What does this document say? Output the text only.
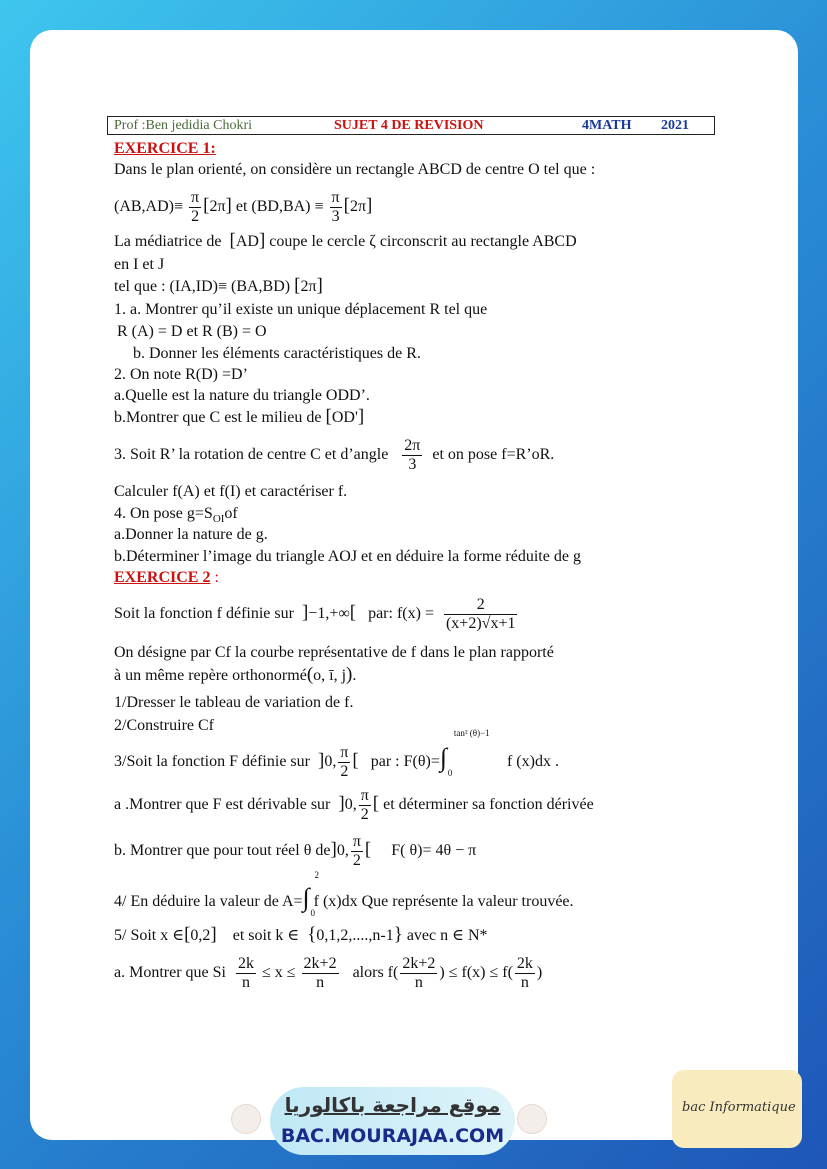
Prof :Ben jedidia Chokri	SUJET 4 DE REVISION	4MATH 2021
EXERCICE 1:
Dans le plan orienté, on considère un rectangle ABCD de centre O tel que :
$(AB,AD)\equiv \frac{\pi}{2} [2\pi]$ et $(BD,BA) \equiv \frac{\pi}{3} [2\pi]$
La médiatrice de [AD] coupe le cercle ζ circonscrit au rectangle ABCD
en I et J
tel que : (IA,ID)≡ (BA,BD) [2π]
1. a. Montrer qu’il existe un unique déplacement R tel que
R (A) = D et R (B) = O
b. Donner les éléments caractéristiques de R.
2. On note R(D) =D’
a.Quelle est la nature du triangle ODD’.
b.Montrer que C est le milieu de [OD']
3. Soit R’ la rotation de centre C et d’angle $\frac{2\pi}{3}$ et on pose f=R’oR.
Calculer f(A) et f(I) et caractériser f.
4. On pose $g=S_{OI}of$
a.Donner la nature de g.
b.Déterminer l’image du triangle AOJ et en déduire la forme réduite de g
EXERCICE 2 :
Soit la fonction f définie sur ]−1,+∞[ par: $f(x) = \frac{2}{(x+2)√x+1}$
On désigne par Cf la courbe représentative de f dans le plan rapporté
à un même repère orthonormé(o, ī, j).
1/Dresser le tableau de variation de f.
2/Construire Cf
3/Soit la fonction F définie sur ]0, $\frac{\pi}{2}$ [ par : F(θ)=∫
tan² (θ)−1
0
f (x)dx .
a .Montrer que F est dérivable sur ]0, $\frac{\pi}{2}$ [ et déterminer sa fonction dérivée
b. Montrer que pour tout réel θ de]0, $\frac{\pi}{2}$ [ F( θ)= 4θ − π
4/ En déduire la valeur de A=∫
2
0
f (x)dx Que représente la valeur trouvée.
5/ Soit x ∈[0,2] et soit k ∈ {0,1,2,....,n-1} avec n ∈ N*
a. Montrer que Si $\frac{2k}{n} \le x \le \frac{2k+2}{n}$ alors $f( \frac{2k+2}{n}$ ) ≤ $f(x) \le f( \frac{2k}{n}$ )
موقع مراجعة باكالوريا
BAC.MOURAJAA.COM
bac Informatique
